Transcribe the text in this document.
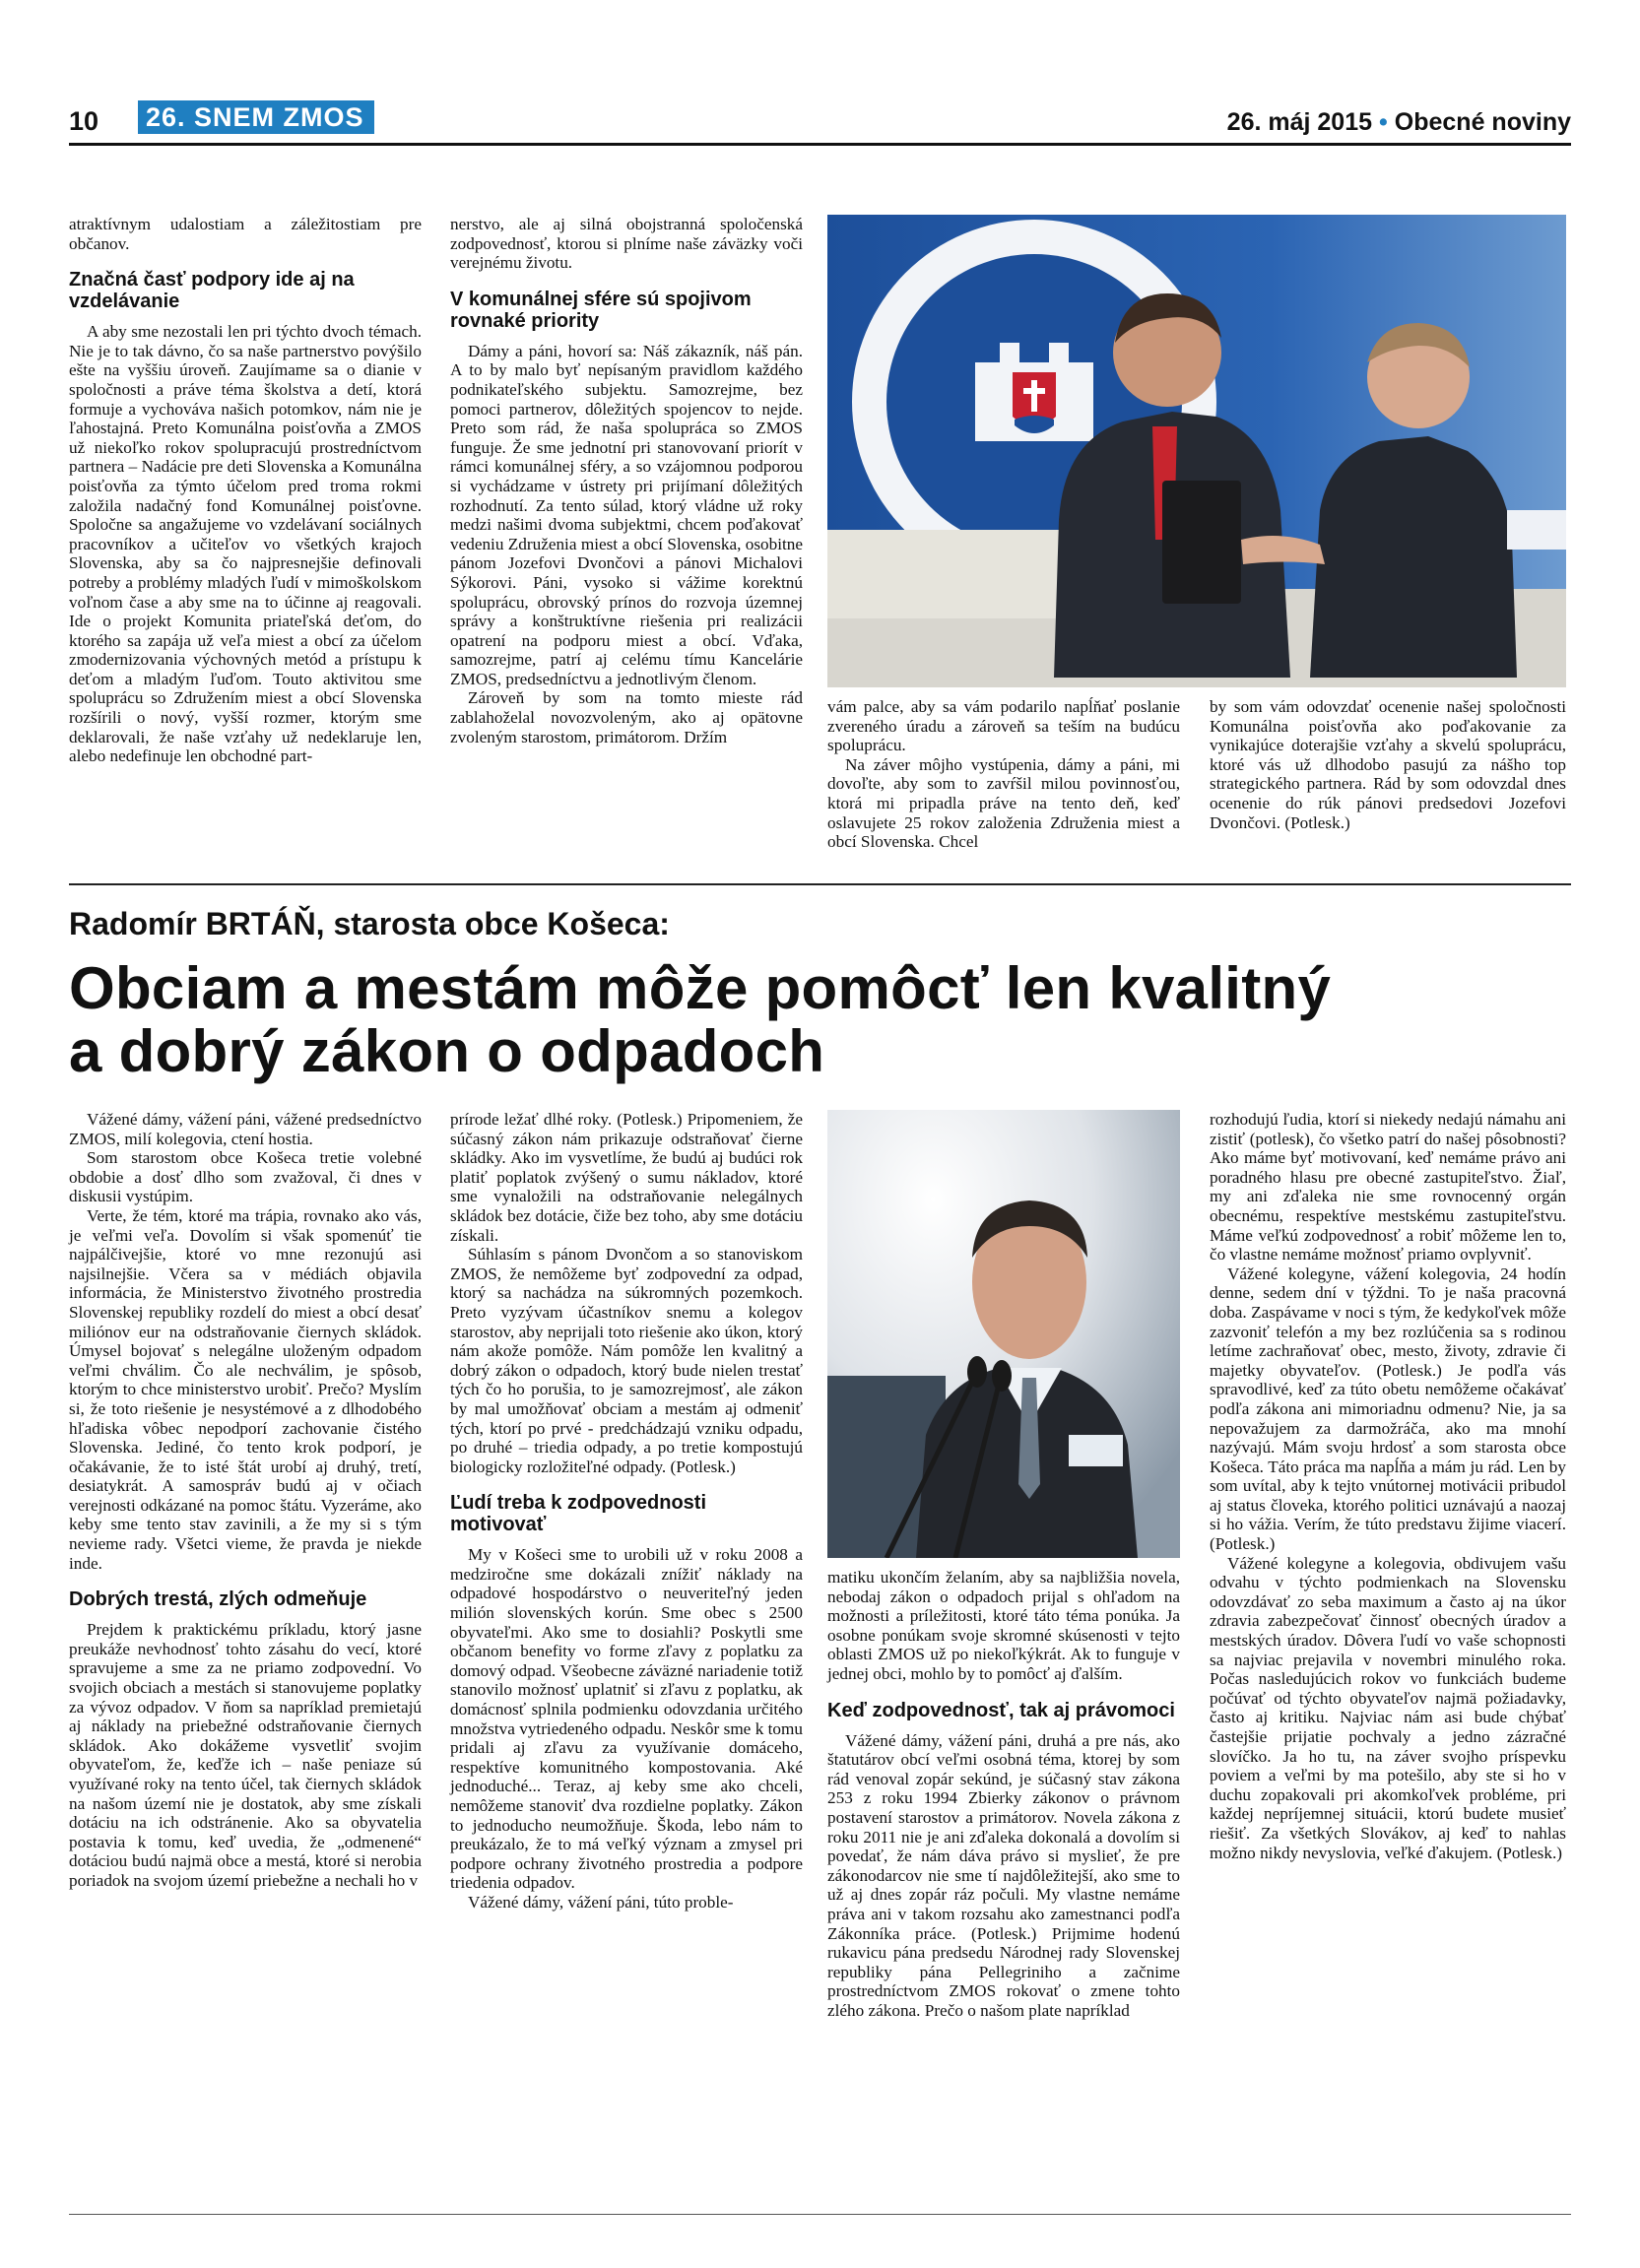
10 26. SNEM ZMOS	26. máj 2015 • Obecné noviny

atraktívnym udalostiam a záležitostiam pre občanov.

Značná časť podpory ide aj na vzdelávanie

A aby sme nezostali len pri týchto dvoch témach. Nie je to tak dávno, čo sa naše partnerstvo povýšilo ešte na vyššiu úroveň. Zaujímame sa o dianie v spoločnosti a práve téma školstva a detí, ktorá formuje a vychováva našich potomkov, nám nie je ľahostajná. Preto Komunálna poisťovňa a ZMOS už niekoľko rokov spolupracujú prostredníctvom partnera – Nadácie pre deti Slovenska a Komunálna poisťovňa za týmto účelom pred troma rokmi založila nadačný fond Komunálnej poisťovne. Spoločne sa angažujeme vo vzdelávaní sociálnych pracovníkov a učiteľov vo všetkých krajoch Slovenska, aby sa čo najpresnejšie definovali potreby a problémy mladých ľudí v mimoškolskom voľnom čase a aby sme na to účinne aj reagovali. Ide o projekt Komunita priateľská deťom, do ktorého sa zapája už veľa miest a obcí za účelom zmodernizovania výchovných metód a prístupu k deťom a mladým ľuďom. Touto aktivitou sme spoluprácu so Združením miest a obcí Slovenska rozšírili o nový, vyšší rozmer, ktorým sme deklarovali, že naše vzťahy už nedeklaruje len, alebo nedefinuje len obchodné part-

nerstvo, ale aj silná obojstranná spoločenská zodpovednosť, ktorou si plníme naše záväzky voči verejnému životu.

V komunálnej sfére sú spojivom rovnaké priority

Dámy a páni, hovorí sa: Náš zákazník, náš pán. A to by malo byť nepísaným pravidlom každého podnikateľského subjektu. Samozrejme, bez pomoci partnerov, dôležitých spojencov to nejde. Preto som rád, že naša spolupráca so ZMOS funguje. Že sme jednotní pri stanovovaní priorít v rámci komunálnej sféry, a so vzájomnou podporou si vychádzame v ústrety pri prijímaní dôležitých rozhodnutí. Za tento súlad, ktorý vládne už roky medzi našimi dvoma subjektmi, chcem poďakovať vedeniu Združenia miest a obcí Slovenska, osobitne pánom Jozefovi Dvončovi a pánovi Michalovi Sýkorovi. Páni, vysoko si vážime korektnú spoluprácu, obrovský prínos do rozvoja územnej správy a konštruktívne riešenia pri realizácii opatrení na podporu miest a obcí. Vďaka, samozrejme, patrí aj celému tímu Kancelárie ZMOS, predsedníctvu a jednotlivým členom.

Zároveň by som na tomto mieste rád zablahoželal novozvoleným, ako aj opätovne zvoleným starostom, primátorom. Držím

vám palce, aby sa vám podarilo napĺňať poslanie zvereného úradu a zároveň sa teším na budúcu spoluprácu.

Na záver môjho vystúpenia, dámy a páni, mi dovoľte, aby som to zavŕšil milou povinnosťou, ktorá mi pripadla práve na tento deň, keď oslavujete 25 rokov založenia Združenia miest a obcí Slovenska. Chcel

by som vám odovzdať ocenenie našej spoločnosti Komunálna poisťovňa ako poďakovanie za vynikajúce doterajšie vzťahy a skvelú spoluprácu, ktoré vás už dlhodobo pasujú za nášho top strategického partnera. Rád by som odovzdal dnes ocenenie do rúk pánovi predsedovi Jozefovi Dvončovi. (Potlesk.)

Radomír BRTÁŇ, starosta obce Košeca:
Obciam a mestám môže pomôcť len kvalitný
a dobrý zákon o odpadoch

Vážené dámy, vážení páni, vážené predsedníctvo ZMOS, milí kolegovia, ctení hostia.

Som starostom obce Košeca tretie volebné obdobie a dosť dlho som zvažoval, či dnes v diskusii vystúpim.

Verte, že tém, ktoré ma trápia, rovnako ako vás, je veľmi veľa. Dovolím si však spomenúť tie najpálčivejšie, ktoré vo mne rezonujú asi najsilnejšie. Včera sa v médiách objavila informácia, že Ministerstvo životného prostredia Slovenskej republiky rozdelí do miest a obcí desať miliónov eur na odstraňovanie čiernych skládok. Úmysel bojovať s nelegálne uloženým odpadom veľmi chválim. Čo ale nechválim, je spôsob, ktorým to chce ministerstvo urobiť. Prečo? Myslím si, že toto riešenie je nesystémové a z dlhodobého hľadiska vôbec nepodporí zachovanie čistého Slovenska. Jediné, čo tento krok podporí, je očakávanie, že to isté štát urobí aj druhý, tretí, desiatykrát. A samospráv budú aj v očiach verejnosti odkázané na pomoc štátu. Vyzeráme, ako keby sme tento stav zavinili, a že my si s tým nevieme rady. Všetci vieme, že pravda je niekde inde.

Dobrých trestá, zlých odmeňuje

Prejdem k praktickému príkladu, ktorý jasne preukáže nevhodnosť tohto zásahu do vecí, ktoré spravujeme a sme za ne priamo zodpovední. Vo svojich obciach a mestách si stanovujeme poplatky za vývoz odpadov. V ňom sa napríklad premietajú aj náklady na priebežné odstraňovanie čiernych skládok. Ako dokážeme vysvetliť svojim obyvateľom, že, keďže ich – naše peniaze sú využívané roky na tento účel, tak čiernych skládok na našom území nie je dostatok, aby sme získali dotáciu na ich odstránenie. Ako sa obyvatelia postavia k tomu, keď uvedia, že „odmenené“ dotáciou budú najmä obce a mestá, ktoré si nerobia poriadok na svojom území priebežne a nechali ho v

prírode ležať dlhé roky. (Potlesk.) Pripomeniem, že súčasný zákon nám prikazuje odstraňovať čierne skládky. Ako im vysvetlíme, že budú aj budúci rok platiť poplatok zvýšený o sumu nákladov, ktoré sme vynaložili na odstraňovanie nelegálnych skládok bez dotácie, čiže bez toho, aby sme dotáciu získali.

Súhlasím s pánom Dvončom a so stanoviskom ZMOS, že nemôžeme byť zodpovední za odpad, ktorý sa nachádza na súkromných pozemkoch. Preto vyzývam účastníkov snemu a kolegov starostov, aby neprijali toto riešenie ako úkon, ktorý nám akože pomôže. Nám pomôže len kvalitný a dobrý zákon o odpadoch, ktorý bude nielen trestať tých čo ho porušia, to je samozrejmosť, ale zákon by mal umožňovať obciam a mestám aj odmeniť tých, ktorí po prvé - predchádzajú vzniku odpadu, po druhé – triedia odpady, a po tretie kompostujú biologicky rozložiteľné odpady. (Potlesk.)

Ľudí treba k zodpovednosti motivovať

My v Košeci sme to urobili už v roku 2008 a medziročne sme dokázali znížiť náklady na odpadové hospodárstvo o neuveriteľný jeden milión slovenských korún. Sme obec s 2500 obyvateľmi. Ako sme to dosiahli? Poskytli sme občanom benefity vo forme zľavy z poplatku za domový odpad. Všeobecne záväzné nariadenie totiž stanovilo možnosť uplatniť si zľavu z poplatku, ak domácnosť splnila podmienku odovzdania určitého množstva vytriedeného odpadu. Neskôr sme k tomu pridali aj zľavu za využívanie domáceho, respektíve komunitného kompostovania. Aké jednoduché... Teraz, aj keby sme ako chceli, nemôžeme stanoviť dva rozdielne poplatky. Zákon to jednoducho neumožňuje. Škoda, lebo nám to preukázalo, že to má veľký význam a zmysel pri podpore ochrany životného prostredia a podpore triedenia odpadov.

Vážené dámy, vážení páni, túto proble-

matiku ukončím želaním, aby sa najbližšia novela, nebodaj zákon o odpadoch prijal s ohľadom na možnosti a príležitosti, ktoré táto téma ponúka. Ja osobne ponúkam svoje skromné skúsenosti v tejto oblasti ZMOS už po niekoľkýkrát. Ak to funguje v jednej obci, mohlo by to pomôcť aj ďalším.

Keď zodpovednosť, tak aj právomoci

Vážené dámy, vážení páni, druhá a pre nás, ako štatutárov obcí veľmi osobná téma, ktorej by som rád venoval zopár sekúnd, je súčasný stav zákona 253 z roku 1994 Zbierky zákonov o právnom postavení starostov a primátorov. Novela zákona z roku 2011 nie je ani zďaleka dokonalá a dovolím si povedať, že nám dáva právo si myslieť, že pre zákonodarcov nie sme tí najdôležitejší, ako sme to už aj dnes zopár ráz počuli. My vlastne nemáme práva ani v takom rozsahu ako zamestnanci podľa Zákonníka práce. (Potlesk.) Prijmime hodenú rukavicu pána predsedu Národnej rady Slovenskej republiky pána Pellegriniho a začnime prostredníctvom ZMOS rokovať o zmene tohto zlého zákona. Prečo o našom plate napríklad

rozhodujú ľudia, ktorí si niekedy nedajú námahu ani zistiť (potlesk), čo všetko patrí do našej pôsobnosti? Ako máme byť motivovaní, keď nemáme právo ani poradného hlasu pre obecné zastupiteľstvo. Žiaľ, my ani zďaleka nie sme rovnocenný orgán obecnému, respektíve mestskému zastupiteľstvu. Máme veľkú zodpovednosť a robiť môžeme len to, čo vlastne nemáme možnosť priamo ovplyvniť.

Vážené kolegyne, vážení kolegovia, 24 hodín denne, sedem dní v týždni. To je naša pracovná doba. Zaspávame v noci s tým, že kedykoľvek môže zazvoniť telefón a my bez rozlúčenia sa s rodinou letíme zachraňovať obec, mesto, životy, zdravie či majetky obyvateľov. (Potlesk.) Je podľa vás spravodlivé, keď za túto obetu nemôžeme očakávať podľa zákona ani mimoriadnu odmenu? Nie, ja sa nepovažujem za darmožráča, ako ma mnohí nazývajú. Mám svoju hrdosť a som starosta obce Košeca. Táto práca ma napĺňa a mám ju rád. Len by som uvítal, aby k tejto vnútornej motivácii pribudol aj status človeka, ktorého politici uznávajú a naozaj si ho vážia. Verím, že túto predstavu žijime viacerí. (Potlesk.)

Vážené kolegyne a kolegovia, obdivujem vašu odvahu v týchto podmienkach na Slovensku odovzdávať zo seba maximum a často aj na úkor zdravia zabezpečovať činnosť obecných úradov a mestských úradov. Dôvera ľudí vo vaše schopnosti sa najviac prejavila v novembri minulého roka. Počas nasledujúcich rokov vo funkciách budeme počúvať od týchto obyvateľov najmä požiadavky, často aj kritiku. Najviac nám asi bude chýbať častejšie prijatie pochvaly a jedno zázračné slovíčko. Ja ho tu, na záver svojho príspevku poviem a veľmi by ma potešilo, aby ste si ho v duchu zopakovali pri akomkoľvek probléme, pri každej nepríjemnej situácii, ktorú budete musieť riešiť. Za všetkých Slovákov, aj keď to nahlas možno nikdy nevyslovia, veľké ďakujem. (Potlesk.)
